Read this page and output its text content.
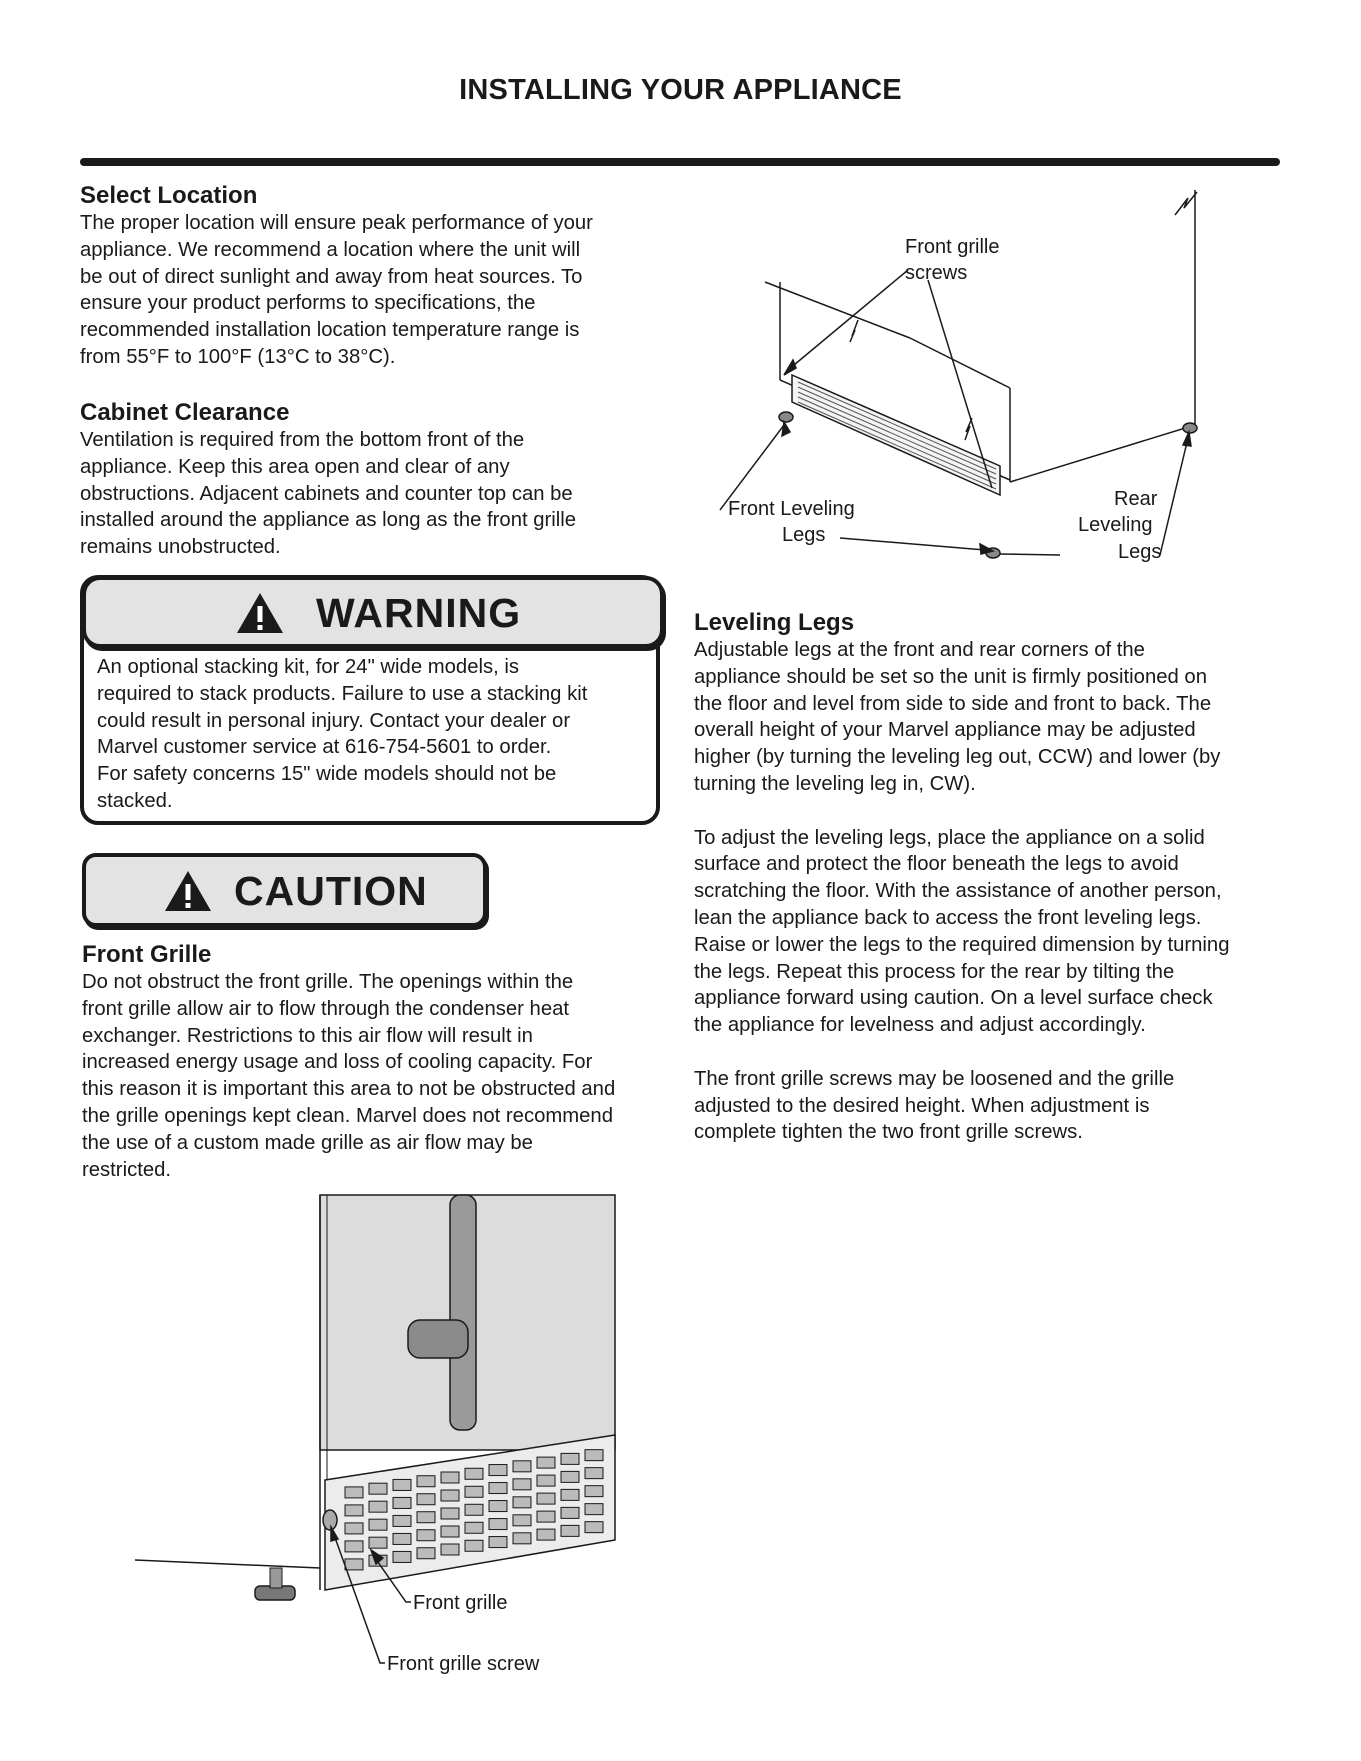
INSTALLING YOUR APPLIANCE
Select Location
The proper location will ensure peak performance of your
appliance. We recommend a location where the unit will
be out of direct sunlight and away from heat sources. To
ensure your product performs to specifications, the
recommended installation location temperature range is
from 55°F to 100°F (13°C to 38°C).
Cabinet Clearance
Ventilation is required from the bottom front of the
appliance. Keep this area open and clear of any
obstructions. Adjacent cabinets and counter top can be
installed around the appliance as long as the front grille
remains unobstructed.
WARNING
An optional stacking kit, for 24" wide models, is
required to stack products. Failure to use a stacking kit
could result in personal injury. Contact your dealer or
Marvel customer service at 616-754-5601 to order.
For safety concerns 15" wide models should not be
stacked.
CAUTION
Front Grille
Do not obstruct the front grille. The openings within the
front grille allow air to flow through the condenser heat
exchanger. Restrictions to this air flow will result in
increased energy usage and loss of cooling capacity. For
this reason it is important this area to not be obstructed and
the grille openings kept clean. Marvel does not recommend
the use of a custom made grille as air flow may be
restricted.
Leveling Legs

Adjustable legs at the front and rear corners of the
appliance should be set so the unit is firmly positioned on
the floor and level from side to side and front to back. The
overall height of your Marvel appliance may be adjusted
higher (by turning the leveling leg out, CCW) and lower (by
turning the leveling leg in, CW).

To adjust the leveling legs, place the appliance on a solid
surface and protect the floor beneath the legs to avoid
scratching the floor. With the assistance of another person,
lean the appliance back to access the front leveling legs.
Raise or lower the legs to the required dimension by turning
the legs. Repeat this process for the rear by tilting the
appliance forward using caution. On a level surface check
the appliance for levelness and adjust accordingly.

The front grille screws may be loosened and the grille
adjusted to the desired height. When adjustment is
complete tighten the two front grille screws.

Front grille
screws
Front Leveling
Legs
Rear
Leveling
Legs
Front grille
Front grille screw
